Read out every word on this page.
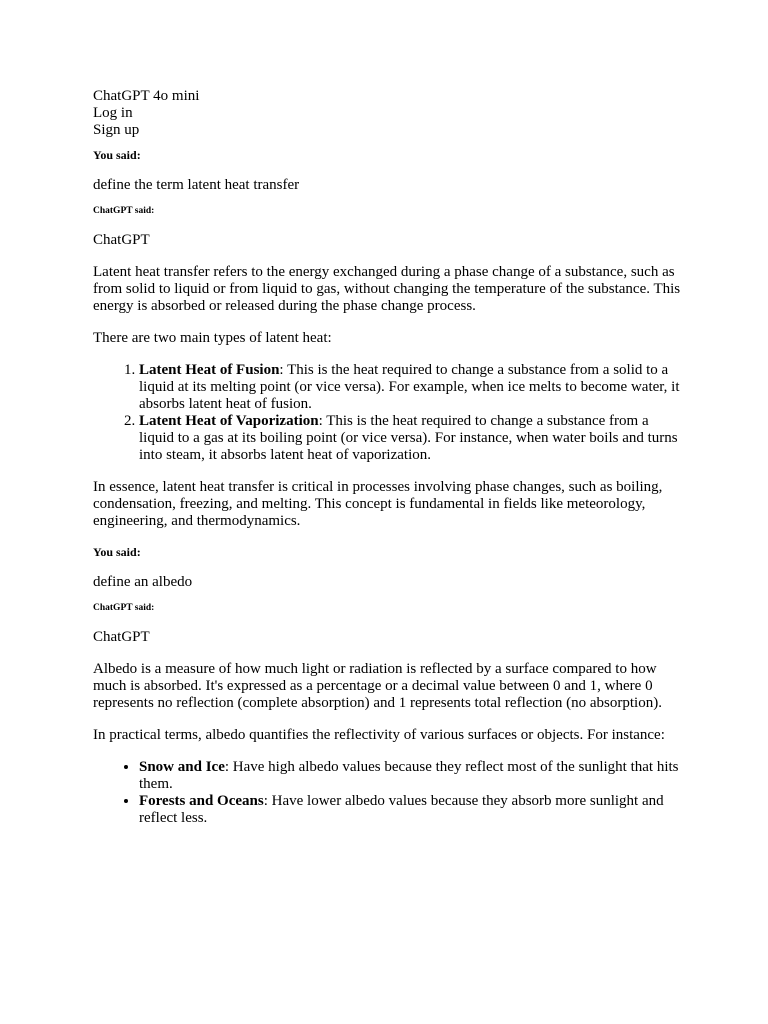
ChatGPT 4o mini
Log in
Sign up
You said:

define the term latent heat transfer

ChatGPT said:

ChatGPT

Latent heat transfer refers to the energy exchanged during a phase change of a substance, such as from solid to liquid or from liquid to gas, without changing the temperature of the substance. This energy is absorbed or released during the phase change process.

There are two main types of latent heat:

1. Latent Heat of Fusion: This is the heat required to change a substance from a solid to a liquid at its melting point (or vice versa). For example, when ice melts to become water, it absorbs latent heat of fusion.
2. Latent Heat of Vaporization: This is the heat required to change a substance from a liquid to a gas at its boiling point (or vice versa). For instance, when water boils and turns into steam, it absorbs latent heat of vaporization.

In essence, latent heat transfer is critical in processes involving phase changes, such as boiling, condensation, freezing, and melting. This concept is fundamental in fields like meteorology, engineering, and thermodynamics.

You said:

define an albedo

ChatGPT said:

ChatGPT

Albedo is a measure of how much light or radiation is reflected by a surface compared to how much is absorbed. It's expressed as a percentage or a decimal value between 0 and 1, where 0 represents no reflection (complete absorption) and 1 represents total reflection (no absorption).

In practical terms, albedo quantifies the reflectivity of various surfaces or objects. For instance:

• Snow and Ice: Have high albedo values because they reflect most of the sunlight that hits them.
• Forests and Oceans: Have lower albedo values because they absorb more sunlight and reflect less.
